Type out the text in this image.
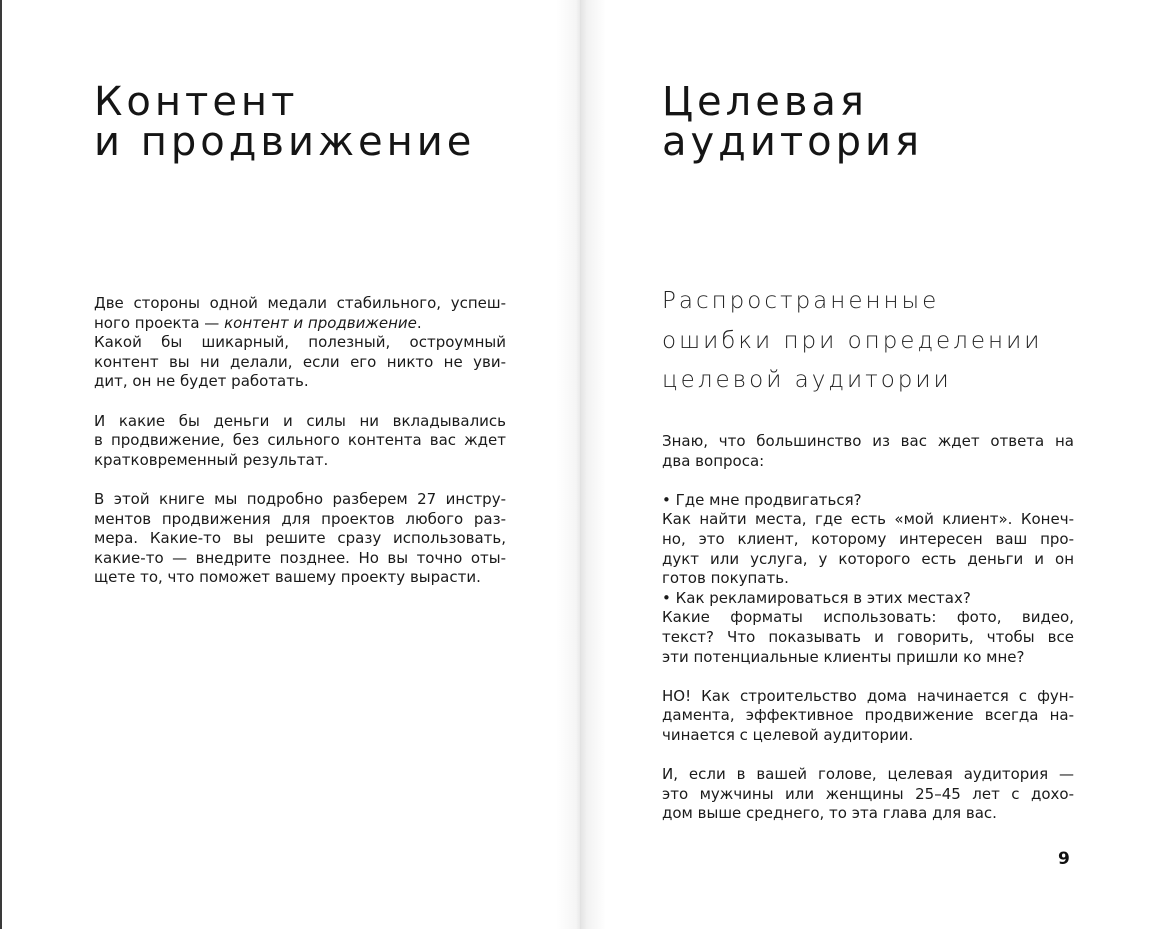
Контент
и продвижение
Две стороны одной медали стабильного, успеш-
ного проекта — контент и продвижение.
Какой бы шикарный, полезный, остроумный
контент вы ни делали, если его никто не уви-
дит, он не будет работать.
И какие бы деньги и силы ни вкладывались
в продвижение, без сильного контента вас ждет
кратковременный результат.
В этой книге мы подробно разберем 27 инстру-
ментов продвижения для проектов любого раз-
мера. Какие-то вы решите сразу использовать,
какие-то — внедрите позднее. Но вы точно оты-
щете то, что поможет вашему проекту вырасти.
Целевая
аудитория
Распространенные
ошибки при определении
целевой аудитории
Знаю, что большинство из вас ждет ответа на
два вопроса:
• Где мне продвигаться?
Как найти места, где есть «мой клиент». Конеч-
но, это клиент, которому интересен ваш про-
дукт или услуга, у которого есть деньги и он
готов покупать.
• Как рекламироваться в этих местах?
Какие форматы использовать: фото, видео,
текст? Что показывать и говорить, чтобы все
эти потенциальные клиенты пришли ко мне?
НО! Как строительство дома начинается с фун-
дамента, эффективное продвижение всегда на-
чинается с целевой аудитории.
И, если в вашей голове, целевая аудитория —
это мужчины или женщины 25–45 лет с дохо-
дом выше среднего, то эта глава для вас.
9
